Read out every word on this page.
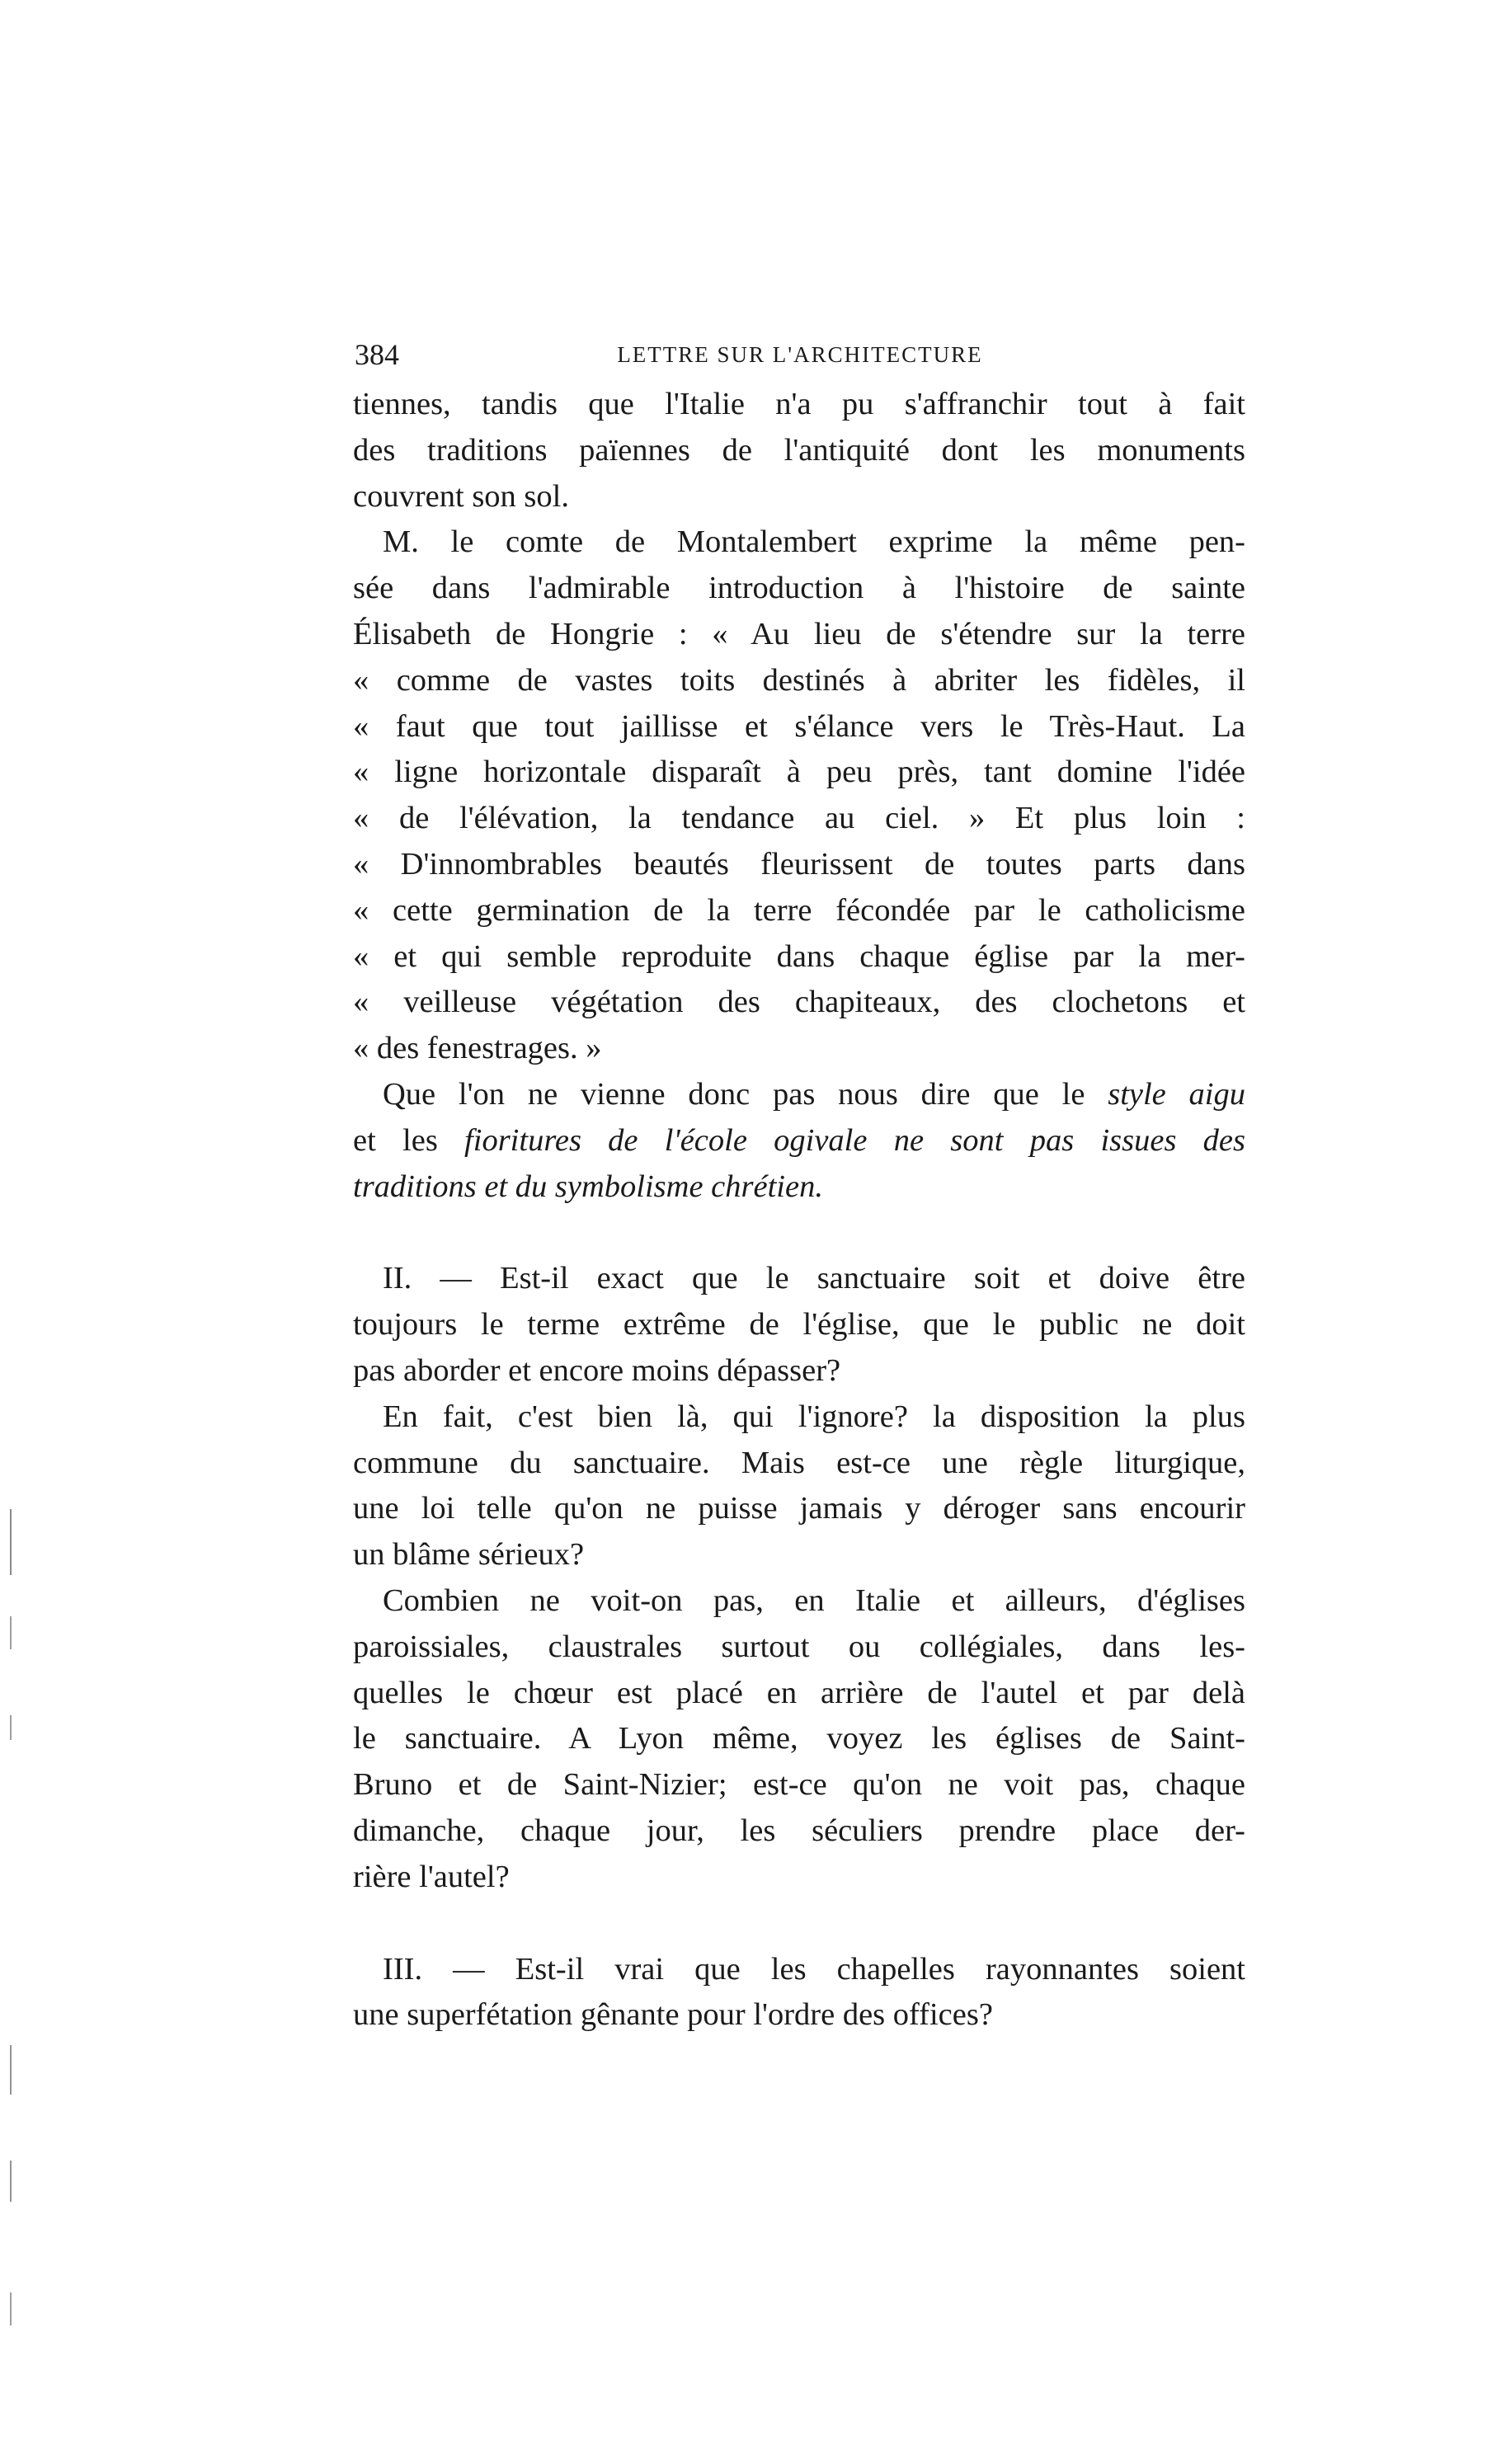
384	LETTRE SUR L'ARCHITECTURE
tiennes, tandis que l'Italie n'a pu s'affranchir tout à fait
des traditions païennes de l'antiquité dont les monuments
couvrent son sol.
M. le comte de Montalembert exprime la même pen-
sée dans l'admirable introduction à l'histoire de sainte
Élisabeth de Hongrie : « Au lieu de s'étendre sur la terre
« comme de vastes toits destinés à abriter les fidèles, il
« faut que tout jaillisse et s'élance vers le Très-Haut. La
« ligne horizontale disparaît à peu près, tant domine l'idée
« de l'élévation, la tendance au ciel. » Et plus loin :
« D'innombrables beautés fleurissent de toutes parts dans
« cette germination de la terre fécondée par le catholicisme
« et qui semble reproduite dans chaque église par la mer-
« veilleuse végétation des chapiteaux, des clochetons et
« des fenestrages. »
Que l'on ne vienne donc pas nous dire que le style aigu
et les fioritures de l'école ogivale ne sont pas issues des
traditions et du symbolisme chrétien.
II. — Est-il exact que le sanctuaire soit et doive être
toujours le terme extrême de l'église, que le public ne doit
pas aborder et encore moins dépasser?
En fait, c'est bien là, qui l'ignore? la disposition la plus
commune du sanctuaire. Mais est-ce une règle liturgique,
une loi telle qu'on ne puisse jamais y déroger sans encourir
un blâme sérieux?
Combien ne voit-on pas, en Italie et ailleurs, d'églises
paroissiales, claustrales surtout ou collégiales, dans les-
quelles le chœur est placé en arrière de l'autel et par delà
le sanctuaire. A Lyon même, voyez les églises de Saint-
Bruno et de Saint-Nizier; est-ce qu'on ne voit pas, chaque
dimanche, chaque jour, les séculiers prendre place der-
rière l'autel?
III. — Est-il vrai que les chapelles rayonnantes soient
une superfétation gênante pour l'ordre des offices?
